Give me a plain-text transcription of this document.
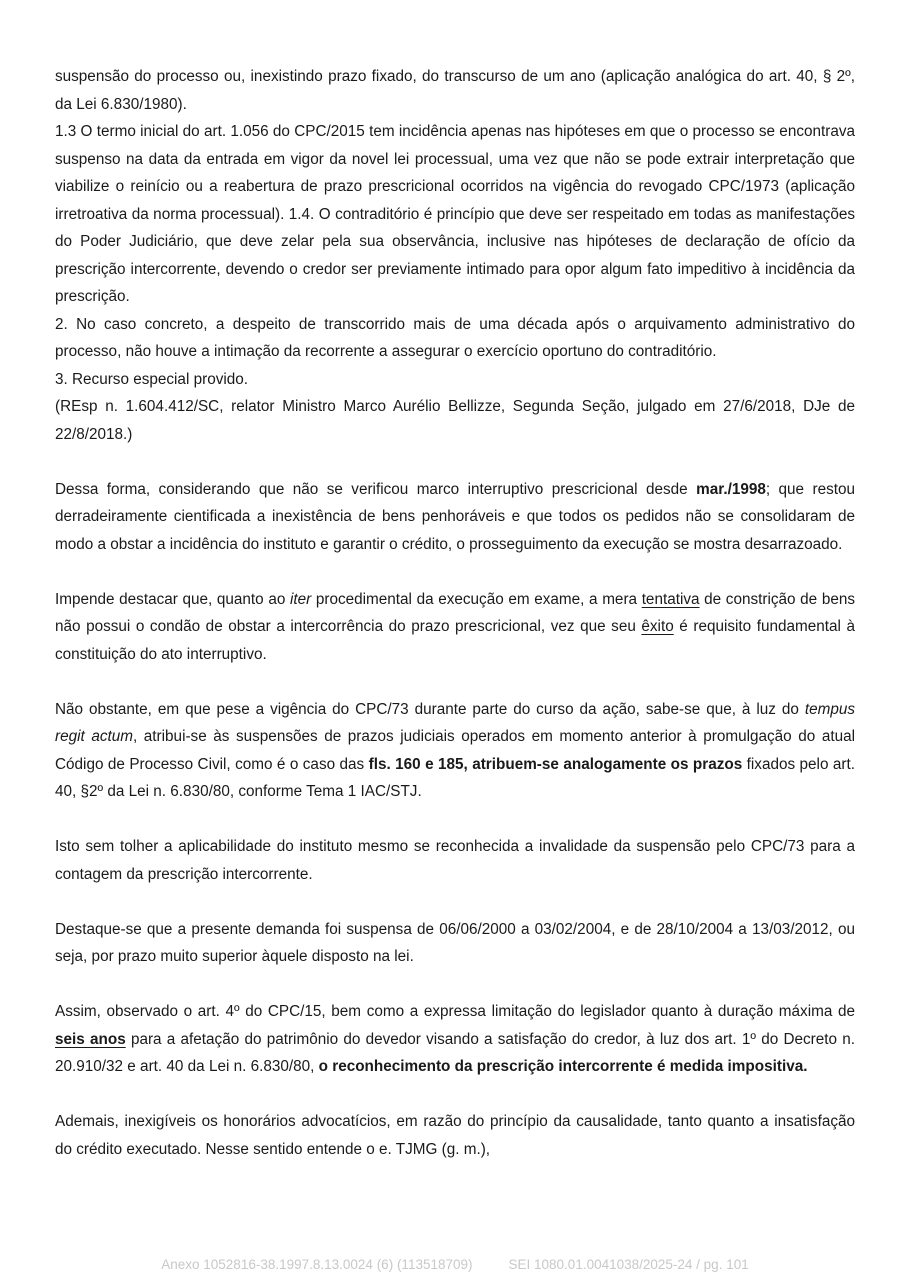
suspensão do processo ou, inexistindo prazo fixado, do transcurso de um ano (aplicação analógica do art. 40, § 2º, da Lei 6.830/1980).

1.3 O termo inicial do art. 1.056 do CPC/2015 tem incidência apenas nas hipóteses em que o processo se encontrava suspenso na data da entrada em vigor da novel lei processual, uma vez que não se pode extrair interpretação que viabilize o reinício ou a reabertura de prazo prescricional ocorridos na vigência do revogado CPC/1973 (aplicação irretroativa da norma processual). 1.4. O contraditório é princípio que deve ser respeitado em todas as manifestações do Poder Judiciário, que deve zelar pela sua observância, inclusive nas hipóteses de declaração de ofício da prescrição intercorrente, devendo o credor ser previamente intimado para opor algum fato impeditivo à incidência da prescrição.

2. No caso concreto, a despeito de transcorrido mais de uma década após o arquivamento administrativo do processo, não houve a intimação da recorrente a assegurar o exercício oportuno do contraditório.

3. Recurso especial provido.

(REsp n. 1.604.412/SC, relator Ministro Marco Aurélio Bellizze, Segunda Seção, julgado em 27/6/2018, DJe de 22/8/2018.)

Dessa forma, considerando que não se verificou marco interruptivo prescricional desde mar./1998; que restou derradeiramente cientificada a inexistência de bens penhoráveis e que todos os pedidos não se consolidaram de modo a obstar a incidência do instituto e garantir o crédito, o prosseguimento da execução se mostra desarrazoado.

Impende destacar que, quanto ao iter procedimental da execução em exame, a mera tentativa de constrição de bens não possui o condão de obstar a intercorrência do prazo prescricional, vez que seu êxito é requisito fundamental à constituição do ato interruptivo.

Não obstante, em que pese a vigência do CPC/73 durante parte do curso da ação, sabe-se que, à luz do tempus regit actum, atribui-se às suspensões de prazos judiciais operados em momento anterior à promulgação do atual Código de Processo Civil, como é o caso das fls. 160 e 185, atribuem-se analogamente os prazos fixados pelo art. 40, §2º da Lei n. 6.830/80, conforme Tema 1 IAC/STJ.

Isto sem tolher a aplicabilidade do instituto mesmo se reconhecida a invalidade da suspensão pelo CPC/73 para a contagem da prescrição intercorrente.

Destaque-se que a presente demanda foi suspensa de 06/06/2000 a 03/02/2004, e de 28/10/2004 a 13/03/2012, ou seja, por prazo muito superior àquele disposto na lei.

Assim, observado o art. 4º do CPC/15, bem como a expressa limitação do legislador quanto à duração máxima de seis anos para a afetação do patrimônio do devedor visando a satisfação do credor, à luz dos art. 1º do Decreto n. 20.910/32 e art. 40 da Lei n. 6.830/80, o reconhecimento da prescrição intercorrente é medida impositiva.

Ademais, inexigíveis os honorários advocatícios, em razão do princípio da causalidade, tanto quanto a insatisfação do crédito executado. Nesse sentido entende o e. TJMG (g. m.),

Anexo 1052816-38.1997.8.13.0024 (6) (113518709)	SEI 1080.01.0041038/2025-24 / pg. 101
